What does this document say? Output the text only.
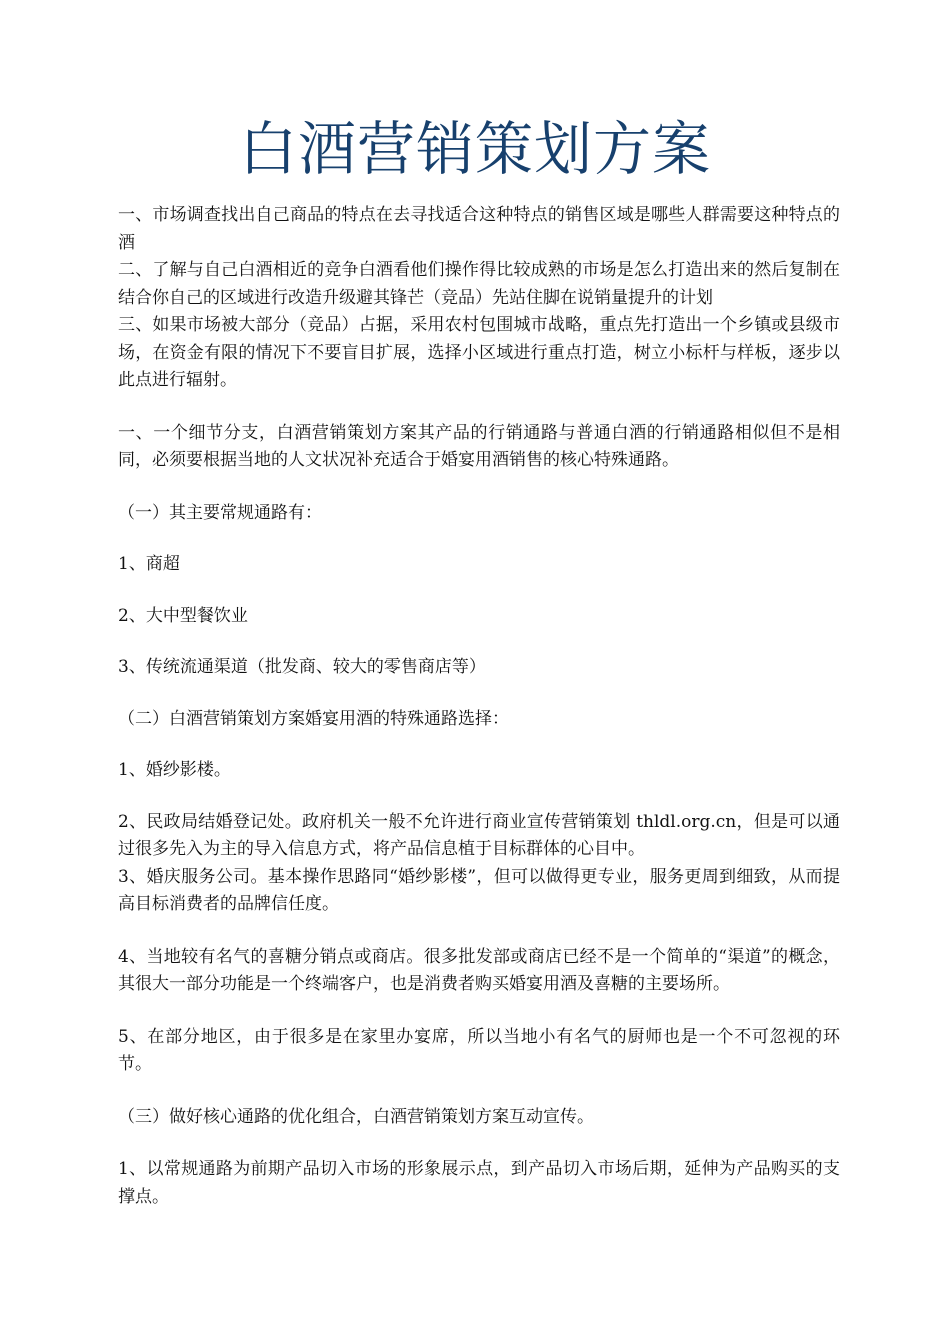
白酒营销策划方案

一、市场调查找出自己商品的特点在去寻找适合这种特点的销售区域是哪些人群需要这种特点的酒

二、了解与自己白酒相近的竞争白酒看他们操作得比较成熟的市场是怎么打造出来的然后复制在结合你自己的区域进行改造升级避其锋芒（竞品）先站住脚在说销量提升的计划

三、如果市场被大部分（竞品）占据，采用农村包围城市战略，重点先打造出一个乡镇或县级市场，在资金有限的情况下不要盲目扩展，选择小区域进行重点打造，树立小标杆与样板，逐步以此点进行辐射。

一、一个细节分支，白酒营销策划方案其产品的行销通路与普通白酒的行销通路相似但不是相同，必须要根据当地的人文状况补充适合于婚宴用酒销售的核心特殊通路。

（一）其主要常规通路有：

1、商超

2、大中型餐饮业

3、传统流通渠道（批发商、较大的零售商店等）

（二）白酒营销策划方案婚宴用酒的特殊通路选择：

1、婚纱影楼。

2、民政局结婚登记处。政府机关一般不允许进行商业宣传营销策划 thldl.org.cn，但是可以通过很多先入为主的导入信息方式，将产品信息植于目标群体的心目中。

3、婚庆服务公司。基本操作思路同“婚纱影楼”，但可以做得更专业，服务更周到细致，从而提高目标消费者的品牌信任度。

4、当地较有名气的喜糖分销点或商店。很多批发部或商店已经不是一个简单的“渠道”的概念，其很大一部分功能是一个终端客户，也是消费者购买婚宴用酒及喜糖的主要场所。

5、在部分地区，由于很多是在家里办宴席，所以当地小有名气的厨师也是一个不可忽视的环节。

（三）做好核心通路的优化组合，白酒营销策划方案互动宣传。

1、以常规通路为前期产品切入市场的形象展示点，到产品切入市场后期，延伸为产品购买的支撑点。
